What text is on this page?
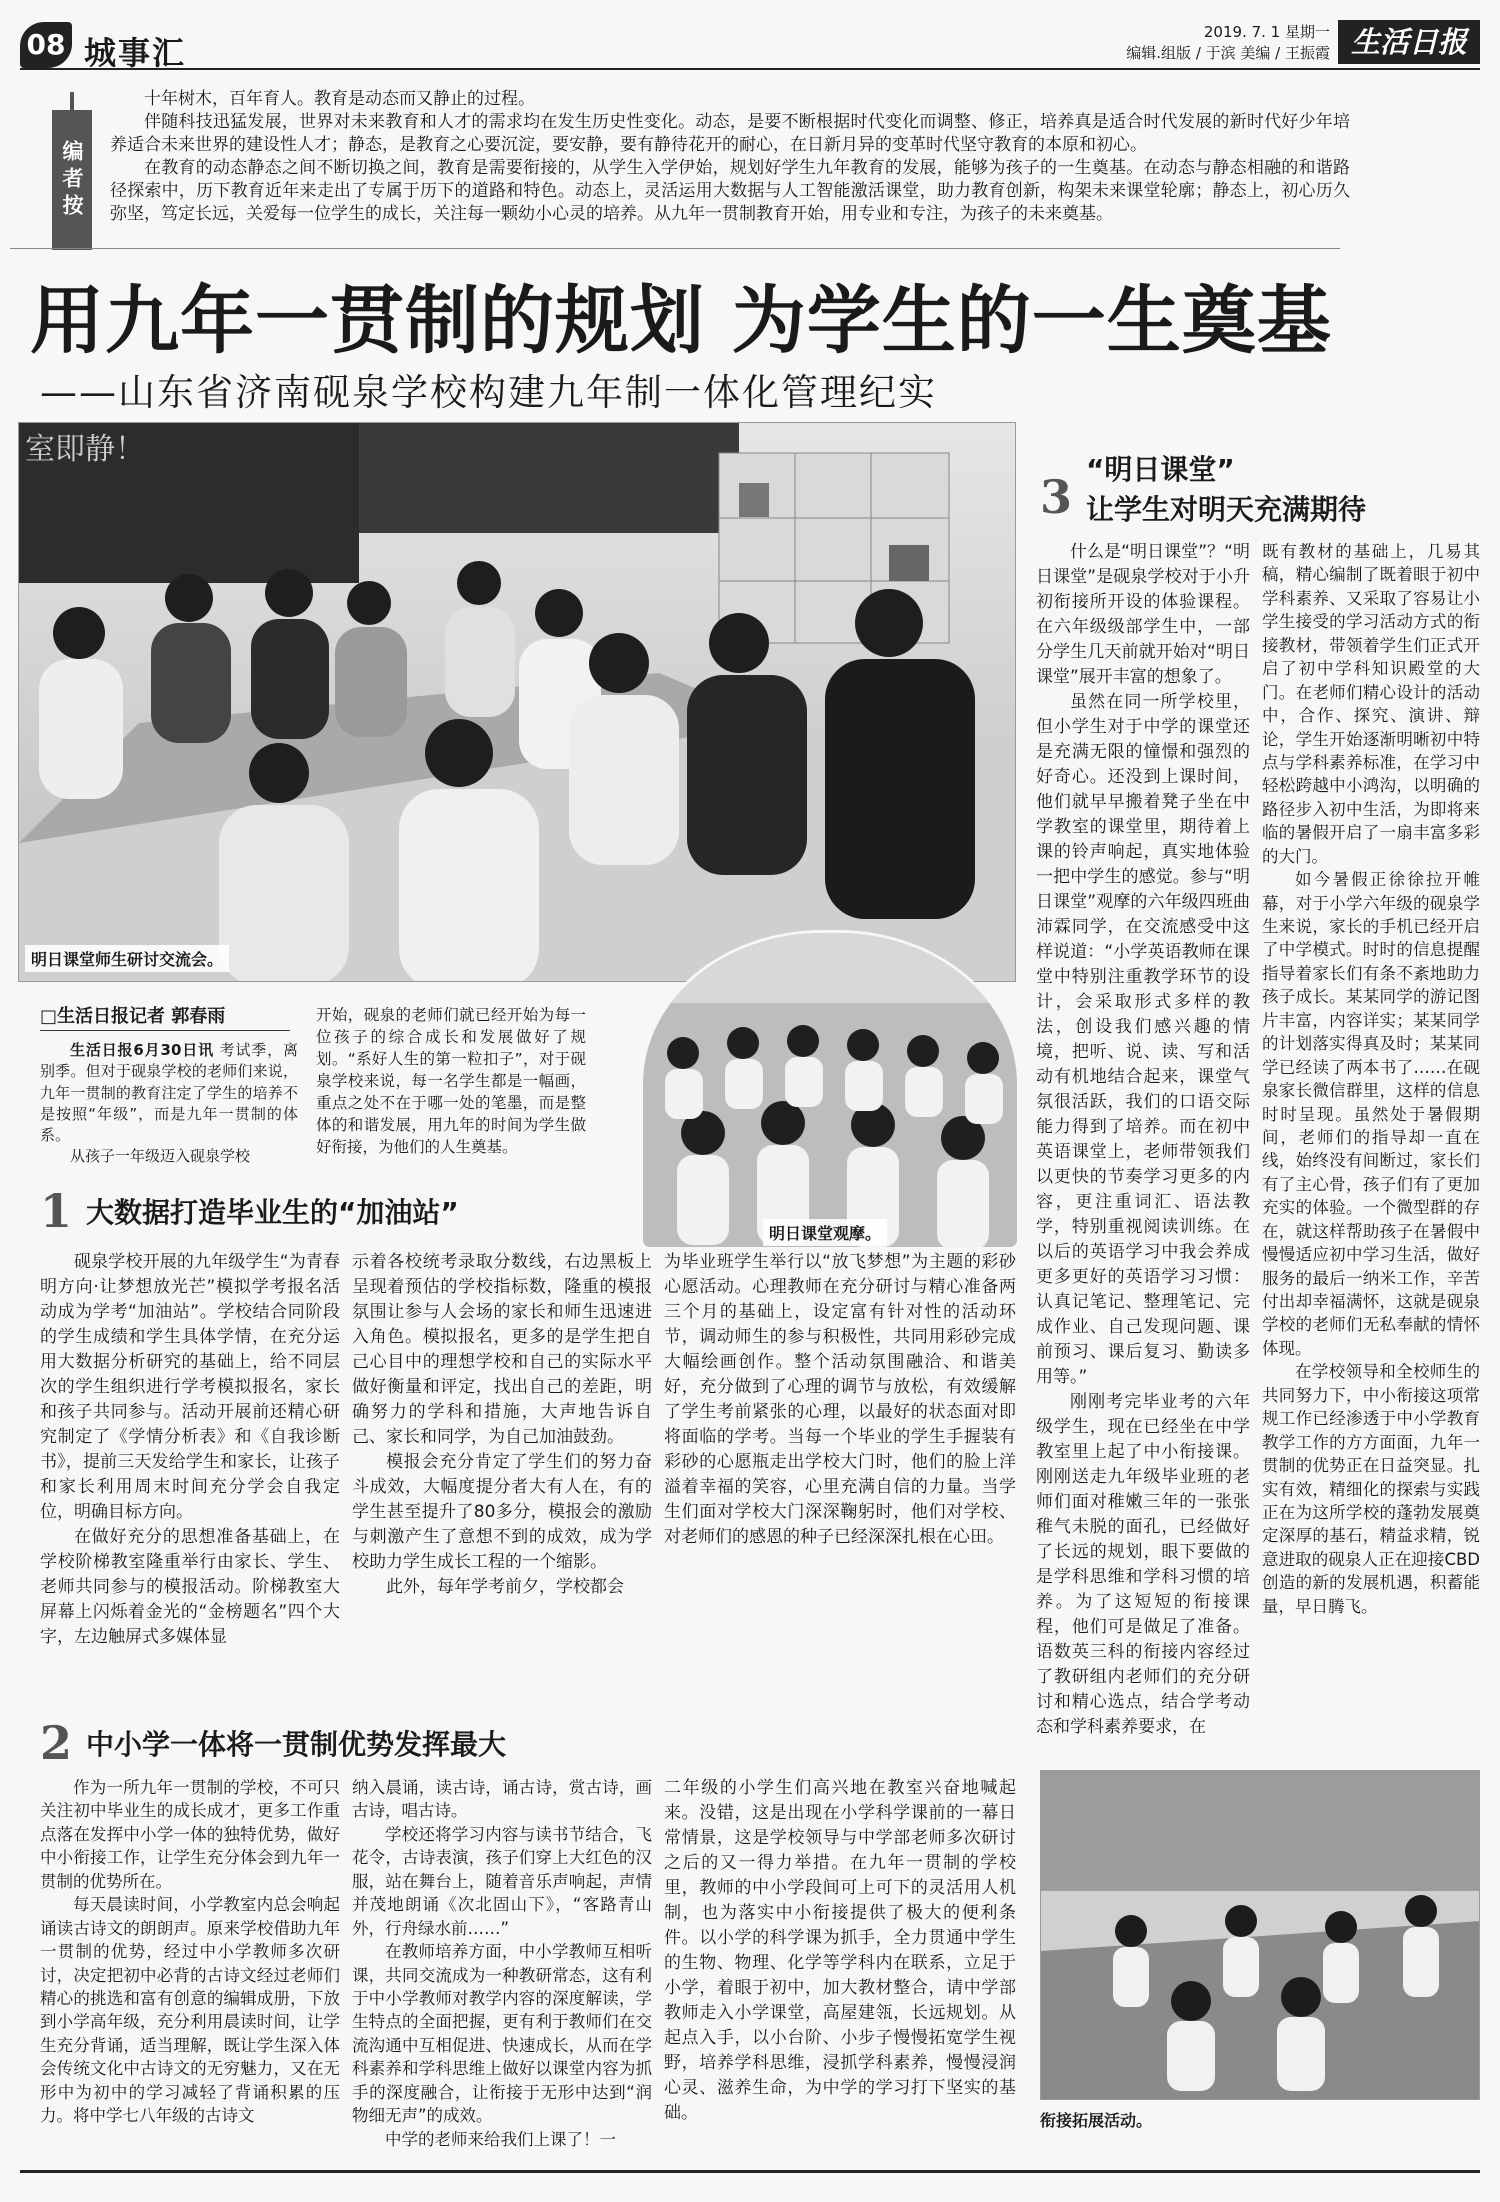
08 城事汇
2019. 7. 1 星期一
编辑.组版 / 于滨 美编 / 王振霞 生活日报
编者按

十年树木，百年育人。教育是动态而又静止的过程。

伴随科技迅猛发展，世界对未来教育和人才的需求均在发生历史性变化。动态，是要不断根据时代变化而调整、修正，培养真是适合时代发展的新时代好少年培养适合未来世界的建设性人才；静态，是教育之心要沉淀，要安静，要有静待花开的耐心，在日新月异的变革时代坚守教育的本原和初心。

在教育的动态静态之间不断切换之间，教育是需要衔接的，从学生入学伊始，规划好学生九年教育的发展，能够为孩子的一生奠基。在动态与静态相融的和谐路径探索中，历下教育近年来走出了专属于历下的道路和特色。动态上，灵活运用大数据与人工智能激活课堂，助力教育创新，构架未来课堂轮廓；静态上，初心历久弥坚，笃定长远，关爱每一位学生的成长，关注每一颗幼小心灵的培养。从九年一贯制教育开始，用专业和专注，为孩子的未来奠基。

用九年一贯制的规划 为学生的一生奠基
——山东省济南砚泉学校构建九年制一体化管理纪实
室即静！
明日课堂师生研讨交流会。
明日课堂观摩。
衔接拓展活动。
□生活日报记者 郭春雨

生活日报6月30日讯 考试季，离别季。但对于砚泉学校的老师们来说，九年一贯制的教育注定了学生的培养不是按照“年级”，而是九年一贯制的体系。

从孩子一年级迈入砚泉学校

开始，砚泉的老师们就已经开始为每一位孩子的综合成长和发展做好了规划。“系好人生的第一粒扣子”，对于砚泉学校来说，每一名学生都是一幅画，重点之处不在于哪一处的笔墨，而是整体的和谐发展，用九年的时间为学生做好衔接，为他们的人生奠基。

1 大数据打造毕业生的“加油站”

砚泉学校开展的九年级学生“为青春明方向·让梦想放光芒”模拟学考报名活动成为学考“加油站”。学校结合同阶段的学生成绩和学生具体学情，在充分运用大数据分析研究的基础上，给不同层次的学生组织进行学考模拟报名，家长和孩子共同参与。活动开展前还精心研究制定了《学情分析表》和《自我诊断书》，提前三天发给学生和家长，让孩子和家长利用周末时间充分学会自我定位，明确目标方向。

在做好充分的思想准备基础上，在学校阶梯教室隆重举行由家长、学生、老师共同参与的模报活动。阶梯教室大屏幕上闪烁着金光的“金榜题名”四个大字，左边触屏式多媒体显

示着各校统考录取分数线，右边黑板上呈现着预估的学校指标数，隆重的模报氛围让参与人会场的家长和师生迅速进入角色。模拟报名，更多的是学生把自己心目中的理想学校和自己的实际水平做好衡量和评定，找出自己的差距，明确努力的学科和措施，大声地告诉自己、家长和同学，为自己加油鼓劲。

模报会充分肯定了学生们的努力奋斗成效，大幅度提分者大有人在，有的学生甚至提升了80多分，模报会的激励与刺激产生了意想不到的成效，成为学校助力学生成长工程的一个缩影。

此外，每年学考前夕，学校都会

为毕业班学生举行以“放飞梦想”为主题的彩砂心愿活动。心理教师在充分研讨与精心准备两三个月的基础上，设定富有针对性的活动环节，调动师生的参与积极性，共同用彩砂完成大幅绘画创作。整个活动氛围融洽、和谐美好，充分做到了心理的调节与放松，有效缓解了学生考前紧张的心理，以最好的状态面对即将面临的学考。当每一个毕业的学生手握装有彩砂的心愿瓶走出学校大门时，他们的脸上洋溢着幸福的笑容，心里充满自信的力量。当学生们面对学校大门深深鞠躬时，他们对学校、对老师们的感恩的种子已经深深扎根在心田。

2 中小学一体将一贯制优势发挥最大

作为一所九年一贯制的学校，不可只关注初中毕业生的成长成才，更多工作重点落在发挥中小学一体的独特优势，做好中小衔接工作，让学生充分体会到九年一贯制的优势所在。

每天晨读时间，小学教室内总会响起诵读古诗文的朗朗声。原来学校借助九年一贯制的优势，经过中小学教师多次研讨，决定把初中必背的古诗文经过老师们精心的挑选和富有创意的编辑成册，下放到小学高年级，充分利用晨读时间，让学生充分背诵，适当理解，既让学生深入体会传统文化中古诗文的无穷魅力，又在无形中为初中的学习减轻了背诵积累的压力。将中学七八年级的古诗文

纳入晨诵，读古诗，诵古诗，赏古诗，画古诗，唱古诗。

学校还将学习内容与读书节结合，飞花令，古诗表演，孩子们穿上大红色的汉服，站在舞台上，随着音乐声响起，声情并茂地朗诵《次北固山下》，“客路青山外，行舟绿水前……”

在教师培养方面，中小学教师互相听课，共同交流成为一种教研常态，这有利于中小学教师对教学内容的深度解读，学生特点的全面把握，更有利于教师们在交流沟通中互相促进、快速成长，从而在学科素养和学科思维上做好以课堂内容为抓手的深度融合，让衔接于无形中达到“润物细无声”的成效。

中学的老师来给我们上课了！一

二年级的小学生们高兴地在教室兴奋地喊起来。没错，这是出现在小学科学课前的一幕日常情景，这是学校领导与中学部老师多次研讨之后的又一得力举措。在九年一贯制的学校里，教师的中小学段间可上可下的灵活用人机制，也为落实中小衔接提供了极大的便利条件。以小学的科学课为抓手，全力贯通中学生的生物、物理、化学等学科内在联系，立足于小学，着眼于初中，加大教材整合，请中学部教师走入小学课堂，高屋建瓴，长远规划。从起点入手，以小台阶、小步子慢慢拓宽学生视野，培养学科思维，浸抓学科素养，慢慢浸润心灵、滋养生命，为中学的学习打下坚实的基础。

3
“明日课堂”
让学生对明天充满期待

什么是“明日课堂”？“明日课堂”是砚泉学校对于小升初衔接所开设的体验课程。在六年级级部学生中，一部分学生几天前就开始对“明日课堂”展开丰富的想象了。

虽然在同一所学校里，但小学生对于中学的课堂还是充满无限的憧憬和强烈的好奇心。还没到上课时间，他们就早早搬着凳子坐在中学教室的课堂里，期待着上课的铃声响起，真实地体验一把中学生的感觉。参与“明日课堂”观摩的六年级四班曲沛霖同学，在交流感受中这样说道：“小学英语教师在课堂中特别注重教学环节的设计，会采取形式多样的教法，创设我们感兴趣的情境，把听、说、读、写和活动有机地结合起来，课堂气氛很活跃，我们的口语交际能力得到了培养。而在初中英语课堂上，老师带领我们以更快的节奏学习更多的内容，更注重词汇、语法教学，特别重视阅读训练。在以后的英语学习中我会养成更多更好的英语学习习惯：认真记笔记、整理笔记、完成作业、自己发现问题、课前预习、课后复习、勤读多用等。”

刚刚考完毕业考的六年级学生，现在已经坐在中学教室里上起了中小衔接课。刚刚送走九年级毕业班的老师们面对稚嫩三年的一张张稚气未脱的面孔，已经做好了长远的规划，眼下要做的是学科思维和学科习惯的培养。为了这短短的衔接课程，他们可是做足了准备。语数英三科的衔接内容经过了教研组内老师们的充分研讨和精心选点，结合学考动态和学科素养要求，在

既有教材的基础上，几易其稿，精心编制了既着眼于初中学科素养、又采取了容易让小学生接受的学习活动方式的衔接教材，带领着学生们正式开启了初中学科知识殿堂的大门。在老师们精心设计的活动中，合作、探究、演讲、辩论，学生开始逐渐明晰初中特点与学科素养标准，在学习中轻松跨越中小鸿沟，以明确的路径步入初中生活，为即将来临的暑假开启了一扇丰富多彩的大门。

如今暑假正徐徐拉开帷幕，对于小学六年级的砚泉学生来说，家长的手机已经开启了中学模式。时时的信息提醒指导着家长们有条不紊地助力孩子成长。某某同学的游记图片丰富，内容详实；某某同学的计划落实得真及时；某某同学已经读了两本书了……在砚泉家长微信群里，这样的信息时时呈现。虽然处于暑假期间，老师们的指导却一直在线，始终没有间断过，家长们有了主心骨，孩子们有了更加充实的体验。一个微型群的存在，就这样帮助孩子在暑假中慢慢适应初中学习生活，做好服务的最后一纳米工作，辛苦付出却幸福满怀，这就是砚泉学校的老师们无私奉献的情怀体现。

在学校领导和全校师生的共同努力下，中小衔接这项常规工作已经渗透于中小学教育教学工作的方方面面，九年一贯制的优势正在日益突显。扎实有效，精细化的探索与实践正在为这所学校的蓬勃发展奠定深厚的基石，精益求精，锐意进取的砚泉人正在迎接CBD创造的新的发展机遇，积蓄能量，早日腾飞。
